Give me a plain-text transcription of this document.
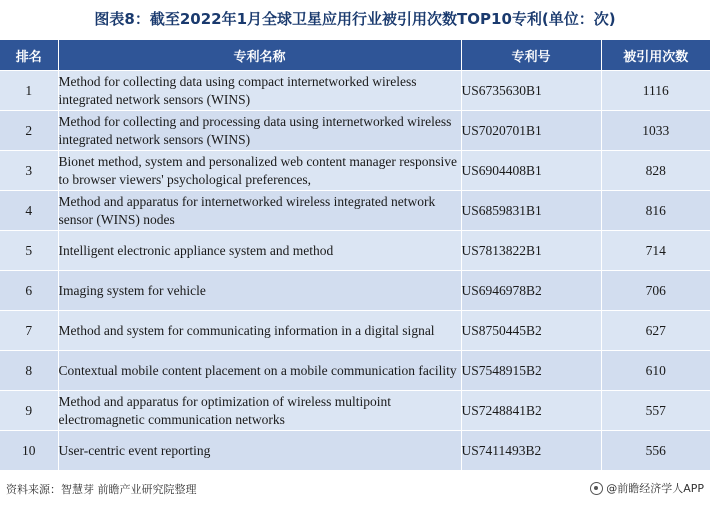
图表8：截至2022年1月全球卫星应用行业被引用次数TOP10专利(单位：次)
排名	专利名称	专利号	被引用次数
1	Method for collecting data using compact internetworked wireless integrated network sensors (WINS)	US6735630B1	1116
2	Method for collecting and processing data using internetworked wireless integrated network sensors (WINS)	US7020701B1	1033
3	Bionet method, system and personalized web content manager responsive to browser viewers' psychological preferences,	US6904408B1	828
4	Method and apparatus for internetworked wireless integrated network sensor (WINS) nodes	US6859831B1	816
5	Intelligent electronic appliance system and method	US7813822B1	714
6	Imaging system for vehicle	US6946978B2	706
7	Method and system for communicating information in a digital signal	US8750445B2	627
8	Contextual mobile content placement on a mobile communication facility	US7548915B2	610
9	Method and apparatus for optimization of wireless multipoint electromagnetic communication networks	US7248841B2	557
10	User-centric event reporting	US7411493B2	556
资料来源：智慧芽 前瞻产业研究院整理	@前瞻经济学人APP
